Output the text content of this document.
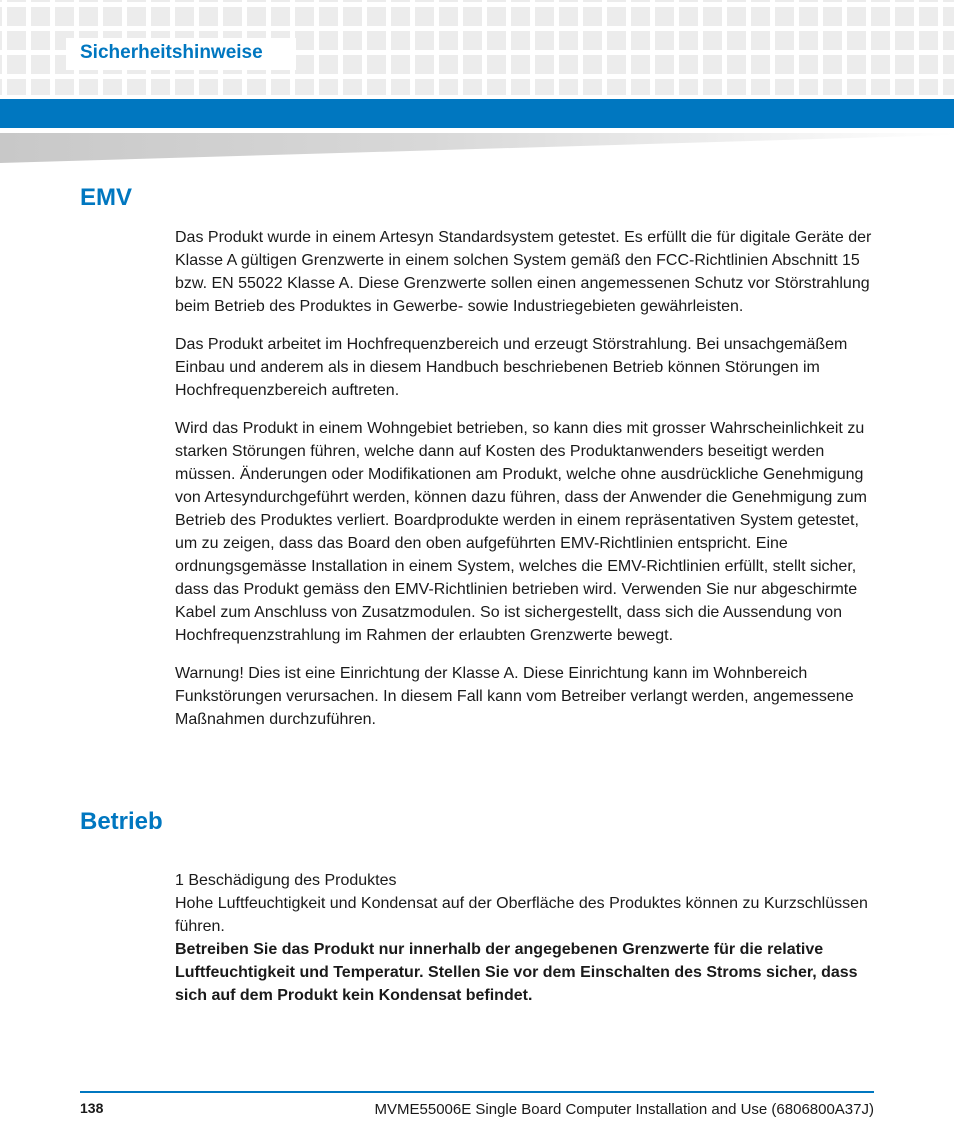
Sicherheitshinweise
EMV

Das Produkt wurde in einem Artesyn Standardsystem getestet. Es erfüllt die für digitale Geräte der Klasse A gültigen Grenzwerte in einem solchen System gemäß den FCC-Richtlinien Abschnitt 15 bzw. EN 55022 Klasse A. Diese Grenzwerte sollen einen angemessenen Schutz vor Störstrahlung beim Betrieb des Produktes in Gewerbe- sowie Industriegebieten gewährleisten.

Das Produkt arbeitet im Hochfrequenzbereich und erzeugt Störstrahlung. Bei unsachgemäßem Einbau und anderem als in diesem Handbuch beschriebenen Betrieb können Störungen im Hochfrequenzbereich auftreten.

Wird das Produkt in einem Wohngebiet betrieben, so kann dies mit grosser Wahrscheinlichkeit zu starken Störungen führen, welche dann auf Kosten des Produktanwenders beseitigt werden müssen. Änderungen oder Modifikationen am Produkt, welche ohne ausdrückliche Genehmigung von Artesyndurchgeführt werden, können dazu führen, dass der Anwender die Genehmigung zum Betrieb des Produktes verliert. Boardprodukte werden in einem repräsentativen System getestet, um zu zeigen, dass das Board den oben aufgeführten EMV-Richtlinien entspricht. Eine ordnungsgemässe Installation in einem System, welches die EMV-Richtlinien erfüllt, stellt sicher, dass das Produkt gemäss den EMV-Richtlinien betrieben wird. Verwenden Sie nur abgeschirmte Kabel zum Anschluss von Zusatzmodulen. So ist sichergestellt, dass sich die Aussendung von Hochfrequenzstrahlung im Rahmen der erlaubten Grenzwerte bewegt.

Warnung! Dies ist eine Einrichtung der Klasse A. Diese Einrichtung kann im Wohnbereich Funkstörungen verursachen. In diesem Fall kann vom Betreiber verlangt werden, angemessene Maßnahmen durchzuführen.

Betrieb
1 Beschädigung des Produktes
Hohe Luftfeuchtigkeit und Kondensat auf der Oberfläche des Produktes können zu Kurzschlüssen führen.
Betreiben Sie das Produkt nur innerhalb der angegebenen Grenzwerte für die relative Luftfeuchtigkeit und Temperatur. Stellen Sie vor dem Einschalten des Stroms sicher, dass sich auf dem Produkt kein Kondensat befindet.
138	MVME55006E Single Board Computer Installation and Use (6806800A37J)
